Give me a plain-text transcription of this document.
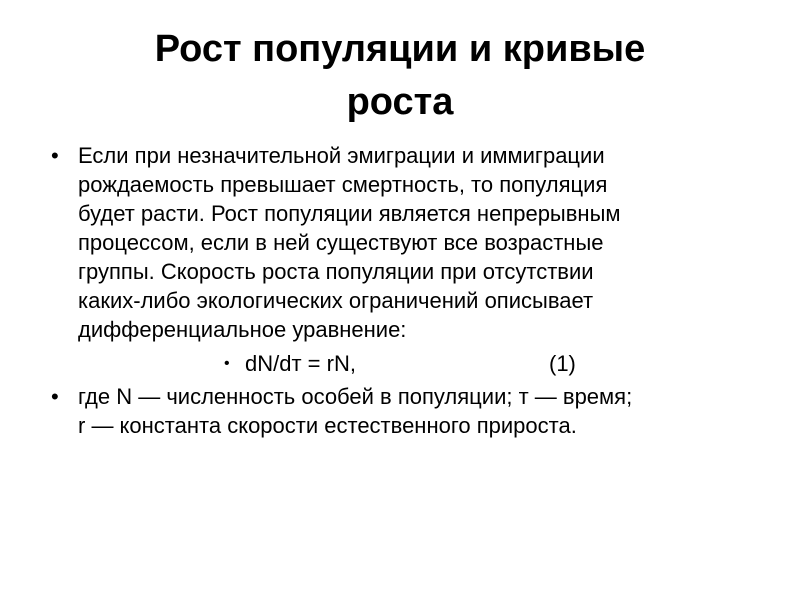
Рост популяции и кривые
роста
• Если при незначительной эмиграции и иммиграции
рождаемость превышает смертность, то популяция
будет расти. Рост популяции является непрерывным
процессом, если в ней существуют все возрастные
группы. Скорость роста популяции при отсутствии
каких-либо экологических ограничений описывает
дифференциальное уравнение:
• dN/dт = rN,	(1)
• где N — численность особей в популяции; т — время;
r — константа скорости естественного прироста.
